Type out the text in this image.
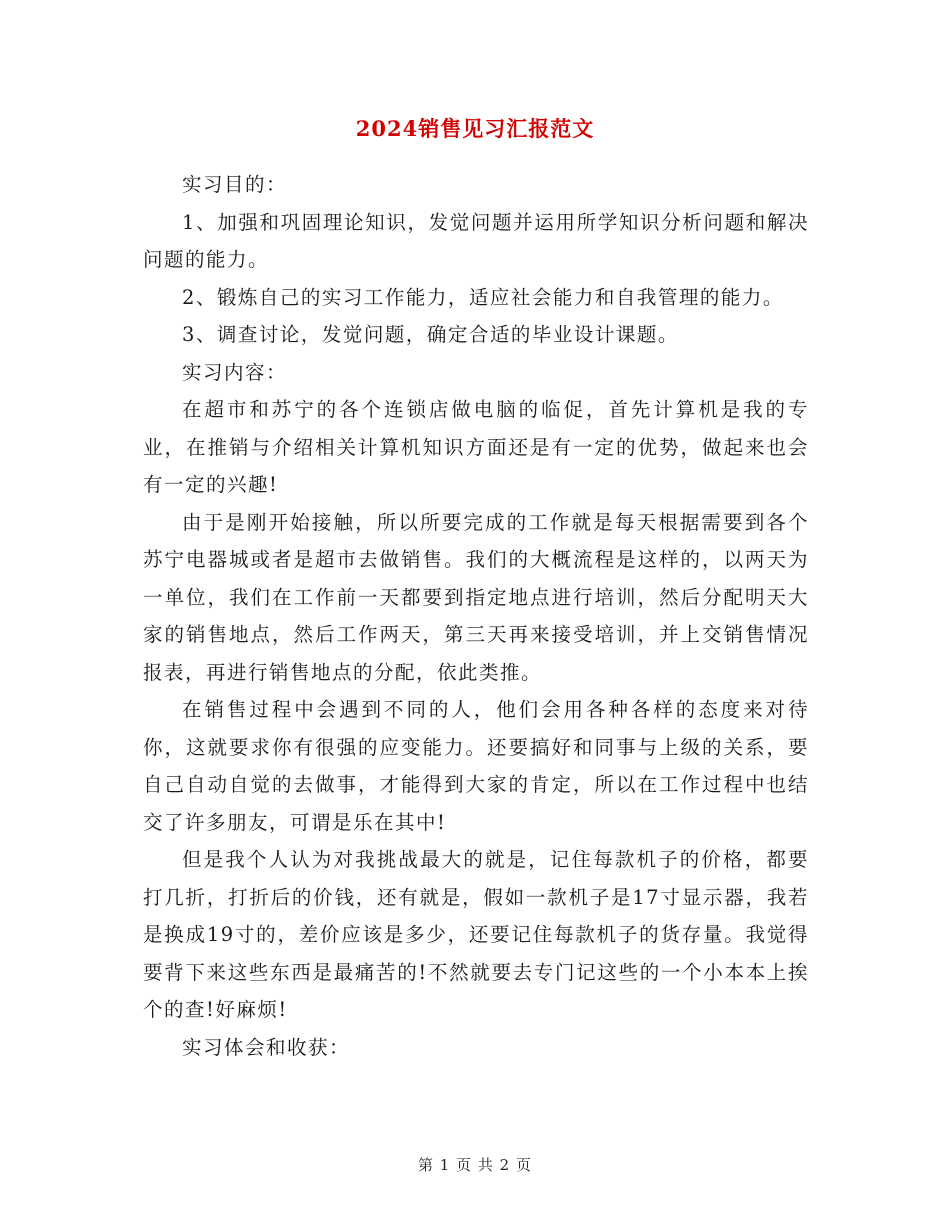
2024销售见习汇报范文

实习目的：

1、加强和巩固理论知识，发觉问题并运用所学知识分析问题和解决问题的能力。

2、锻炼自己的实习工作能力，适应社会能力和自我管理的能力。

3、调查讨论，发觉问题，确定合适的毕业设计课题。

实习内容：

在超市和苏宁的各个连锁店做电脑的临促，首先计算机是我的专业，在推销与介绍相关计算机知识方面还是有一定的优势，做起来也会有一定的兴趣!

由于是刚开始接触，所以所要完成的工作就是每天根据需要到各个苏宁电器城或者是超市去做销售。我们的大概流程是这样的，以两天为一单位，我们在工作前一天都要到指定地点进行培训，然后分配明天大家的销售地点，然后工作两天，第三天再来接受培训，并上交销售情况报表，再进行销售地点的分配，依此类推。

在销售过程中会遇到不同的人，他们会用各种各样的态度来对待你，这就要求你有很强的应变能力。还要搞好和同事与上级的关系，要自己自动自觉的去做事，才能得到大家的肯定，所以在工作过程中也结交了许多朋友，可谓是乐在其中!

但是我个人认为对我挑战最大的就是，记住每款机子的价格，都要打几折，打折后的价钱，还有就是，假如一款机子是17寸显示器，我若是换成19寸的，差价应该是多少，还要记住每款机子的货存量。我觉得要背下来这些东西是最痛苦的!不然就要去专门记这些的一个小本本上挨个的查!好麻烦!

实习体会和收获：

第 1 页 共 2 页
